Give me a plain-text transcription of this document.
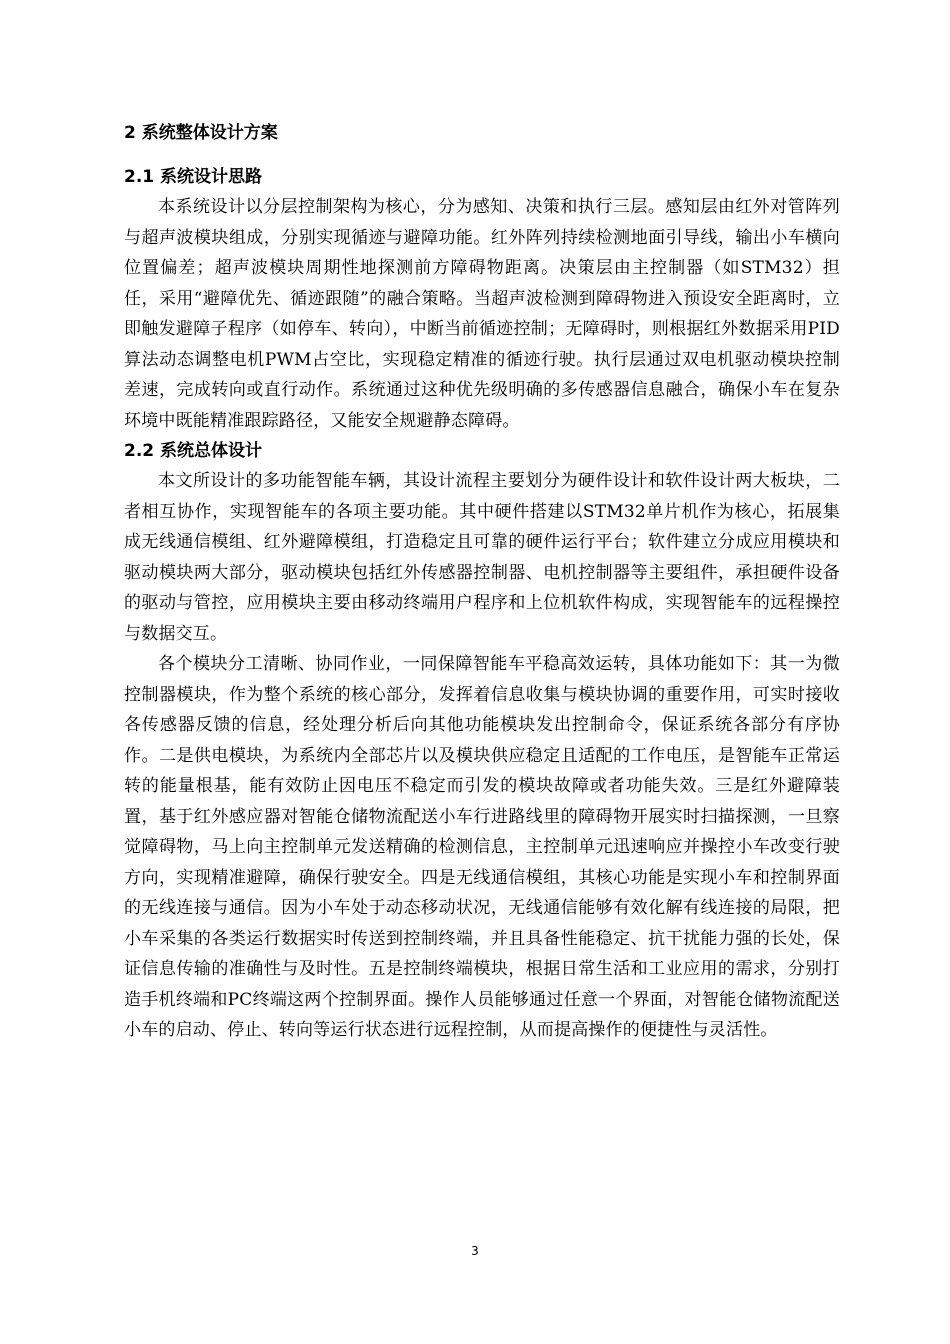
2 系统整体设计方案
2.1 系统设计思路

本系统设计以分层控制架构为核心，分为感知、决策和执行三层。感知层由红外对管阵列与超声波模块组成，分别实现循迹与避障功能。红外阵列持续检测地面引导线，输出小车横向位置偏差；超声波模块周期性地探测前方障碍物距离。决策层由主控制器（如STM32）担任，采用“避障优先、循迹跟随”的融合策略。当超声波检测到障碍物进入预设安全距离时，立即触发避障子程序（如停车、转向），中断当前循迹控制；无障碍时，则根据红外数据采用PID算法动态调整电机PWM占空比，实现稳定精准的循迹行驶。执行层通过双电机驱动模块控制差速，完成转向或直行动作。系统通过这种优先级明确的多传感器信息融合，确保小车在复杂环境中既能精准跟踪路径，又能安全规避静态障碍。

2.2 系统总体设计

本文所设计的多功能智能车辆，其设计流程主要划分为硬件设计和软件设计两大板块，二者相互协作，实现智能车的各项主要功能。其中硬件搭建以STM32单片机作为核心，拓展集成无线通信模组、红外避障模组，打造稳定且可靠的硬件运行平台；软件建立分成应用模块和驱动模块两大部分，驱动模块包括红外传感器控制器、电机控制器等主要组件，承担硬件设备的驱动与管控，应用模块主要由移动终端用户程序和上位机软件构成，实现智能车的远程操控与数据交互。

各个模块分工清晰、协同作业，一同保障智能车平稳高效运转，具体功能如下：其一为微控制器模块，作为整个系统的核心部分，发挥着信息收集与模块协调的重要作用，可实时接收各传感器反馈的信息，经处理分析后向其他功能模块发出控制命令，保证系统各部分有序协作。二是供电模块，为系统内全部芯片以及模块供应稳定且适配的工作电压，是智能车正常运转的能量根基，能有效防止因电压不稳定而引发的模块故障或者功能失效。三是红外避障装置，基于红外感应器对智能仓储物流配送小车行进路线里的障碍物开展实时扫描探测，一旦察觉障碍物，马上向主控制单元发送精确的检测信息，主控制单元迅速响应并操控小车改变行驶方向，实现精准避障，确保行驶安全。四是无线通信模组，其核心功能是实现小车和控制界面的无线连接与通信。因为小车处于动态移动状况，无线通信能够有效化解有线连接的局限，把小车采集的各类运行数据实时传送到控制终端，并且具备性能稳定、抗干扰能力强的长处，保证信息传输的准确性与及时性。五是控制终端模块，根据日常生活和工业应用的需求，分别打造手机终端和PC终端这两个控制界面。操作人员能够通过任意一个界面，对智能仓储物流配送小车的启动、停止、转向等运行状态进行远程控制，从而提高操作的便捷性与灵活性。

3
